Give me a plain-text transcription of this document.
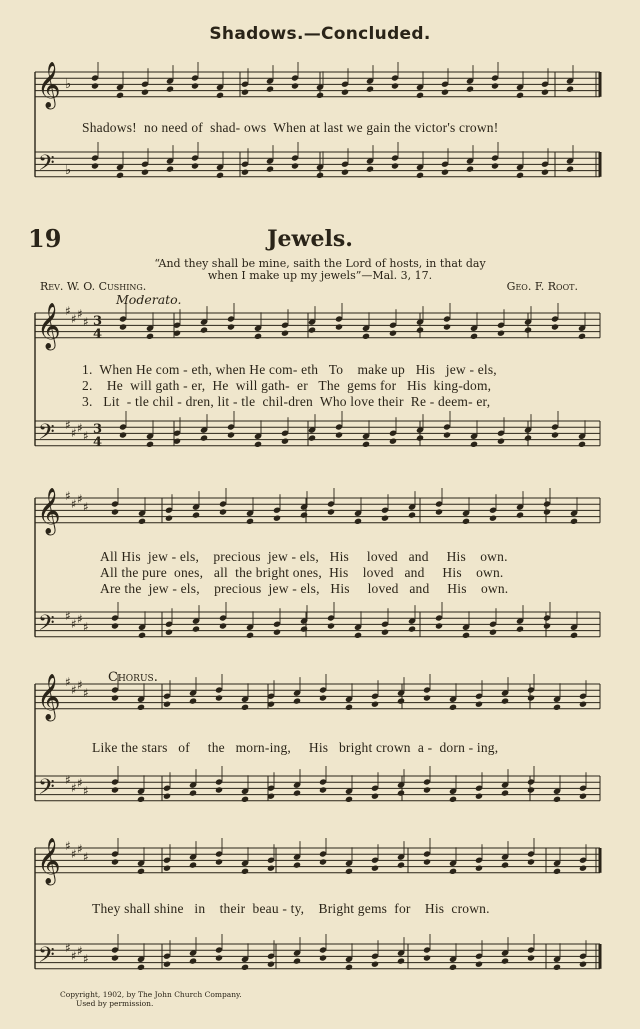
Shadows.—Concluded.
𝄞
𝄢
♭
♭
Shadows!  no need of  shad- ows  When at last we gain the victor's crown!
19	Jewels.
“And they shall be mine, saith the Lord of hosts, in that day
when I make up my jewels”—Mal. 3, 17.
Rev. W. O. Cushing.	Geo. F. Root.
Moderato.
𝄞
𝄢
♯
♯ ♯
♯
♯
♯ ♯
♯
3
4
3
4
1.  When He com - eth, when He com- eth   To    make up   His   jew - els,
2.    He  will gath - er,  He  will gath-  er   The  gems for   His  king-dom,
3.   Lit  - tle chil - dren, lit - tle  chil-dren  Who love their  Re - deem- er,
𝄞
𝄢
♯
♯ ♯
♯
♯
♯ ♯
♯
All His  jew - els,    precious  jew - els,   His     loved   and     His    own.
All the pure  ones,   all  the bright ones,  His    loved   and     His    own.
Are the  jew - els,    precious  jew - els,   His     loved   and     His    own.
Chorus.
𝄞
𝄢
♯
♯ ♯
♯
♯
♯ ♯
♯
Like the stars   of     the   morn-ing,     His   bright crown  a -  dorn - ing,
𝄞
𝄢
♯
♯ ♯
♯
♯
♯ ♯
♯
They shall shine   in    their  beau - ty,    Bright gems  for    His  crown.
Copyright, 1902, by The John Church Company.
Used by permission.
